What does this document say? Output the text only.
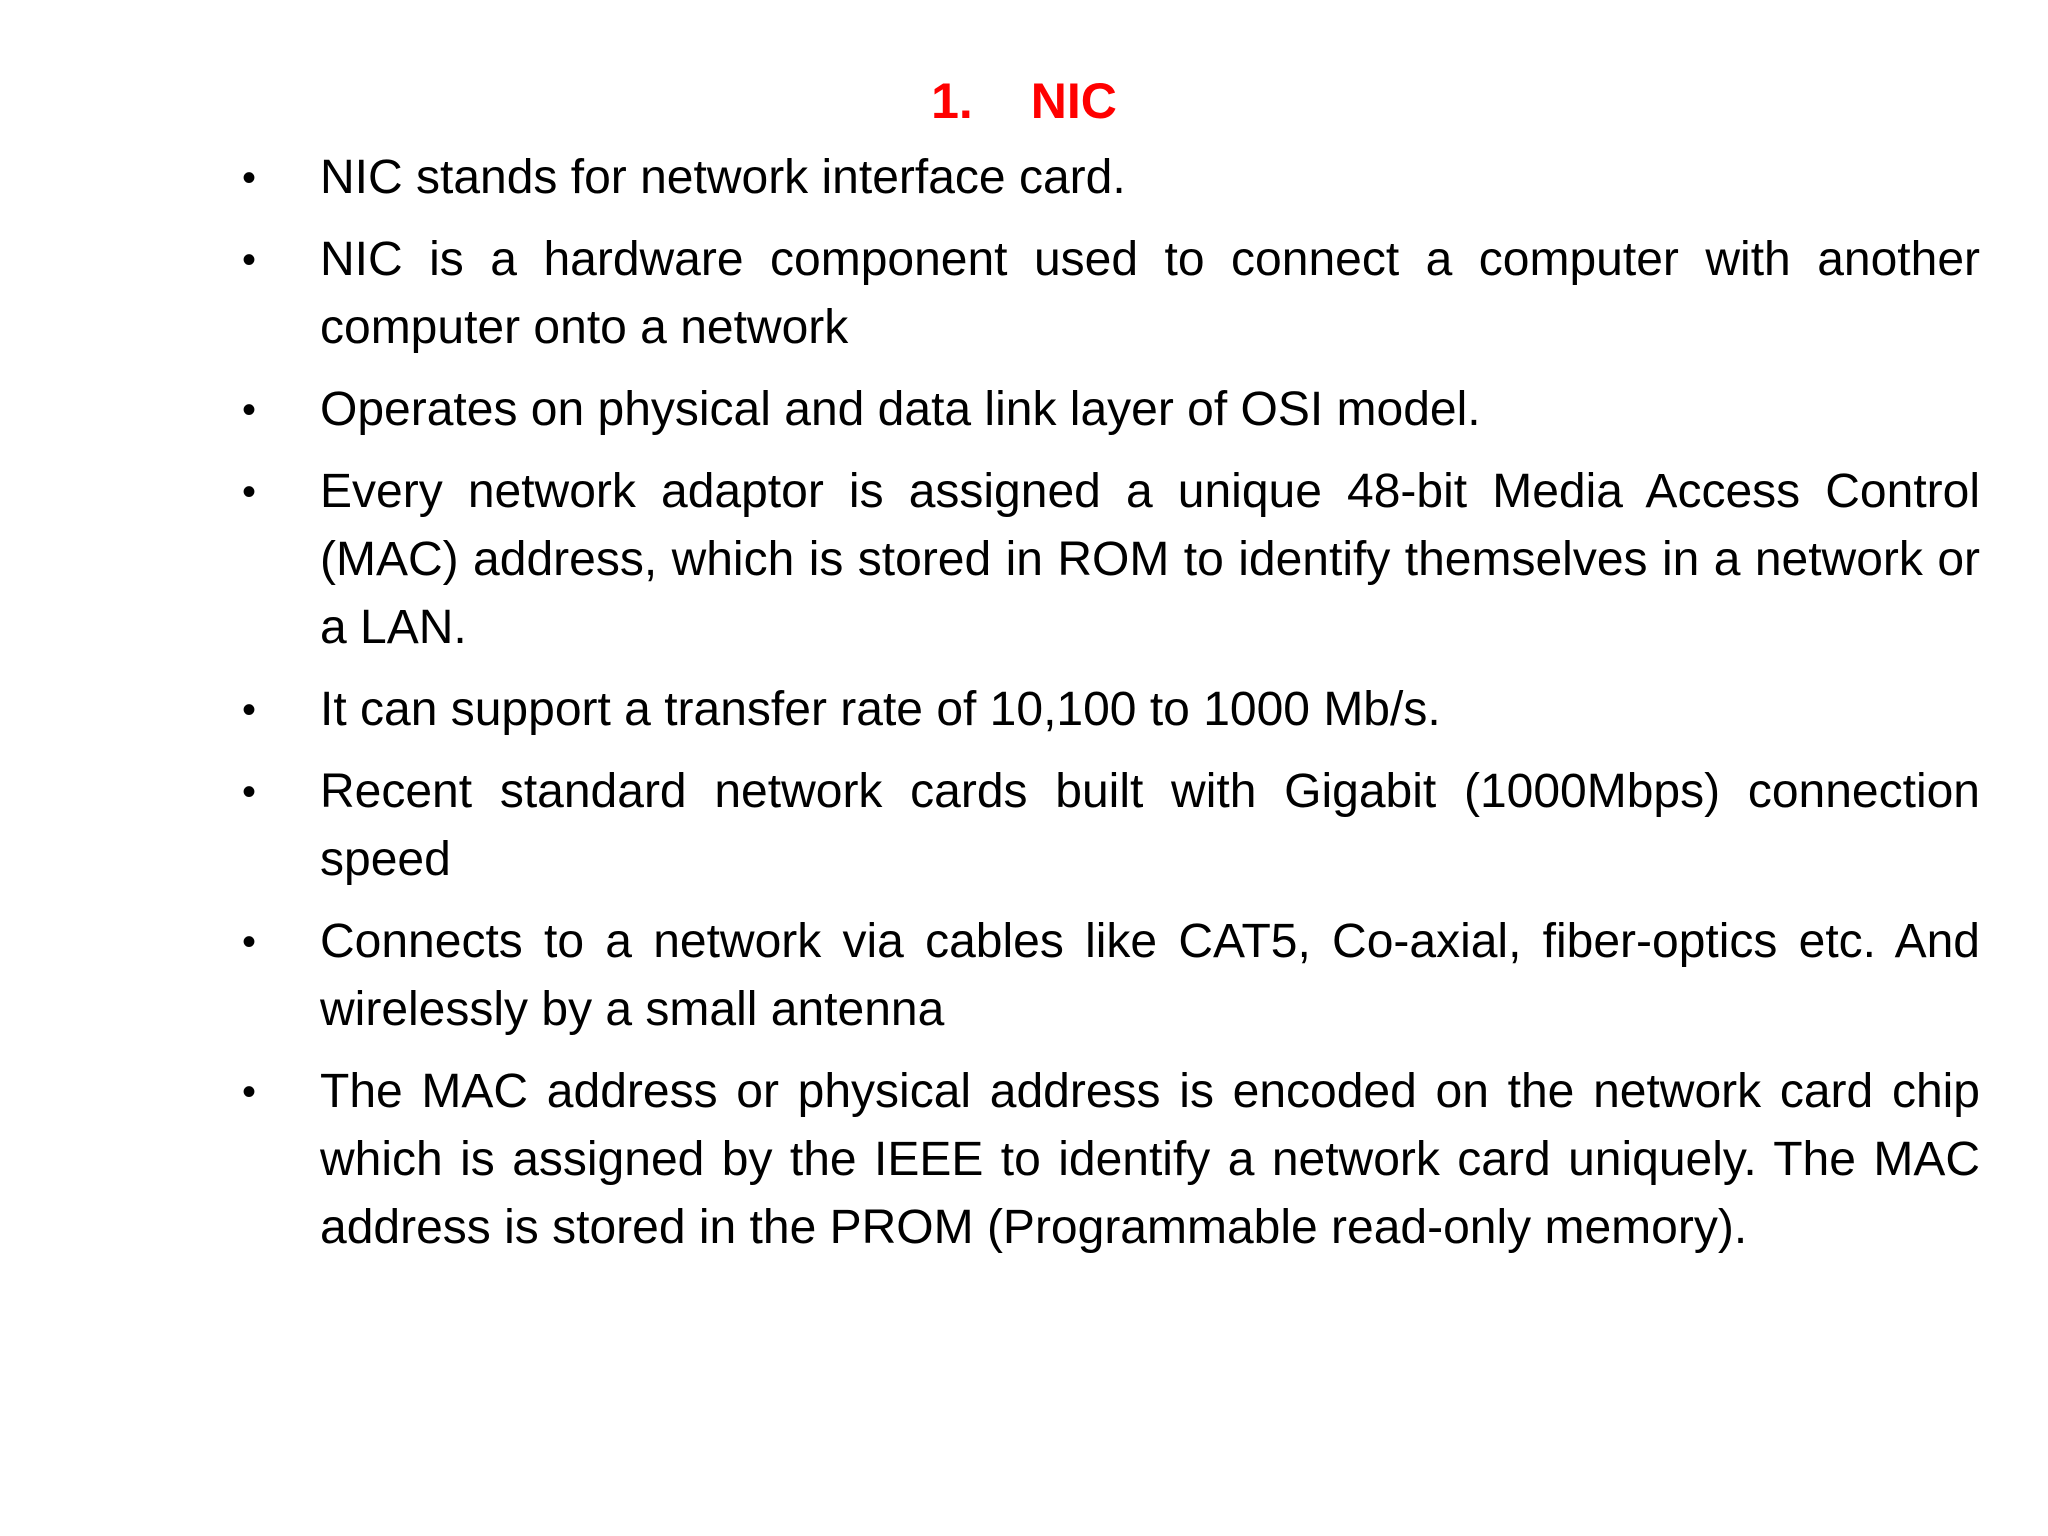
1. NIC
• NIC stands for network interface card.
• NIC is a hardware component used to connect a computer with another computer onto a network
• Operates on physical and data link layer of OSI model.
• Every network adaptor is assigned a unique 48-bit Media Access Control (MAC) address, which is stored in ROM to identify themselves in a network or a LAN.
• It can support a transfer rate of 10,100 to 1000 Mb/s.
• Recent standard network cards built with Gigabit (1000Mbps) connection speed
• Connects to a network via cables like CAT5, Co-axial, fiber-optics etc. And wirelessly by a small antenna
• The MAC address or physical address is encoded on the network card chip which is assigned by the IEEE to identify a network card uniquely. The MAC address is stored in the PROM (Programmable read-only memory).
